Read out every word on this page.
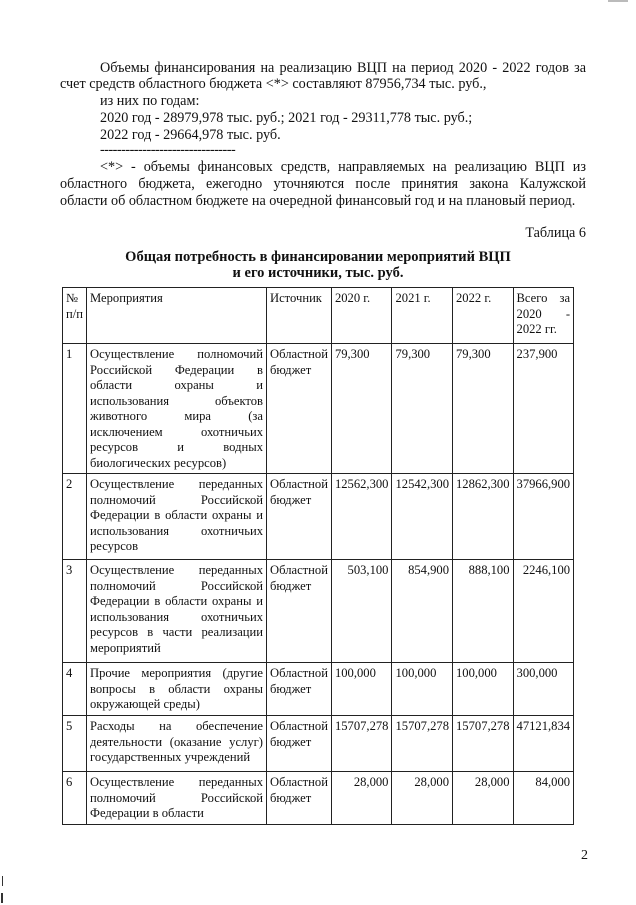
Объемы финансирования на реализацию ВЦП на период 2020 - 2022 годов за
счет средств областного бюджета <*> составляют 87956,734 тыс. руб.,
из них по годам:
2020 год - 28979,978 тыс. руб.; 2021 год - 29311,778 тыс. руб.;
2022 год - 29664,978 тыс. руб.
--------------------------------
<*> - объемы финансовых средств, направляемых на реализацию ВЦП из
областного бюджета, ежегодно уточняются после принятия закона Калужской
области об областном бюджете на очередной финансовый год и на плановый период.
Таблица 6
Общая потребность в финансировании мероприятий ВЦП
и его источники, тыс. руб.
№ п/п	Мероприятия	Источник	2020 г.	2021 г.	2022 г.	Всего за 2020 - 2022 гг.
1	Осуществление полномочий Российской Федерации в области охраны и использования объектов животного мира (за исключением охотничьих ресурсов и водных биологических ресурсов)	Областной бюджет	79,300	79,300	79,300	237,900
2	Осуществление переданных полномочий Российской Федерации в области охраны и использования охотничьих ресурсов	Областной бюджет	12562,300	12542,300	12862,300	37966,900
3	Осуществление переданных полномочий Российской Федерации в области охраны и использования охотничьих ресурсов в части реализации мероприятий	Областной бюджет	503,100	854,900	888,100	2246,100
4	Прочие мероприятия (другие вопросы в области охраны окружающей среды)	Областной бюджет	100,000	100,000	100,000	300,000
5	Расходы на обеспечение деятельности (оказание услуг) государственных учреждений	Областной бюджет	15707,278	15707,278	15707,278	47121,834
6	Осуществление переданных полномочий Российской Федерации в области	Областной бюджет	28,000	28,000	28,000	84,000
2
